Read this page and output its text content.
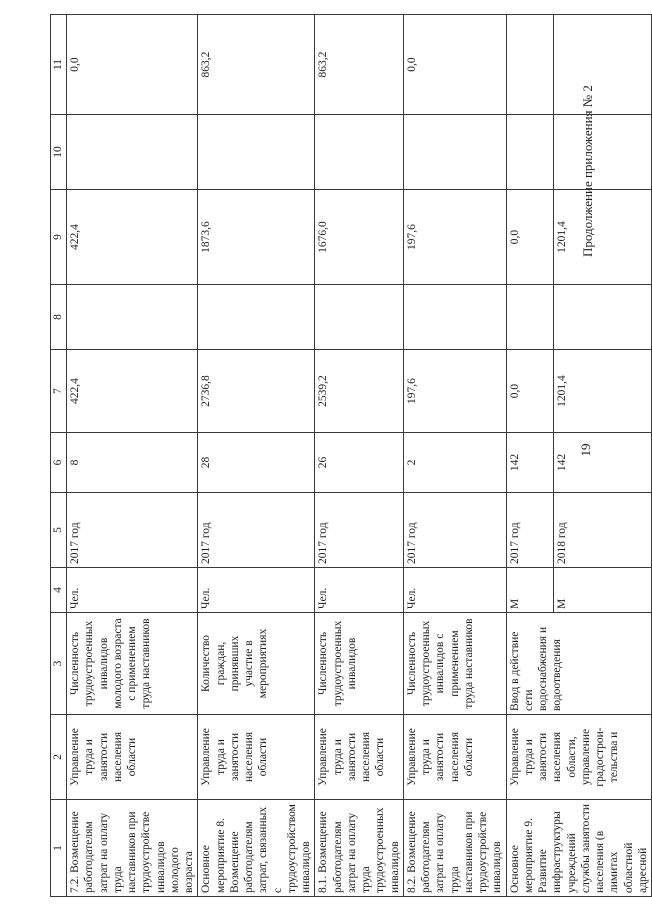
19
Продолжение приложения № 2
1	2	3	4	5	6	7	8	9	10	11
7.2. Возмещение работодателям затрат на оплату труда наставников при трудоустройстве инвалидов молодого возраста	Управление труда и занятости населения области	Численность трудоустроенных инвалидов молодого возраста с применением труда наставников	Чел.	2017 год	8	422,4		422,4		0,0
Основное мероприятие 8. Возмещение работодателям затрат, связанных с трудоустройством инвалидов	Управление труда и занятости населения области	Количество граждан, принявших участие в мероприятиях	Чел.	2017 год	28	2736,8		1873,6		863,2
8.1. Возмещение работодателям затрат на оплату труда трудоустроенных инвалидов	Управление труда и занятости населения области	Численность трудоустроенных инвалидов	Чел.	2017 год	26	2539,2		1676,0		863,2
8.2. Возмещение работодателям затрат на оплату труда наставников при трудоустройстве инвалидов	Управление труда и занятости населения области	Численность трудоустроенных инвалидов с применением труда наставников	Чел.	2017 год	2	197,6		197,6		0,0
Основное мероприятие 9. Развитие инфраструктуры учреждений службы занятости населения (в лимитах областной адресной	Управление труда и занятости населения области, управление градострои-тельства и	Ввод в действие сети водоснабжения и водоотведения	М	2017 год	142	0,0		0,0		
			М	2018 год	142	1201,4		1201,4		
